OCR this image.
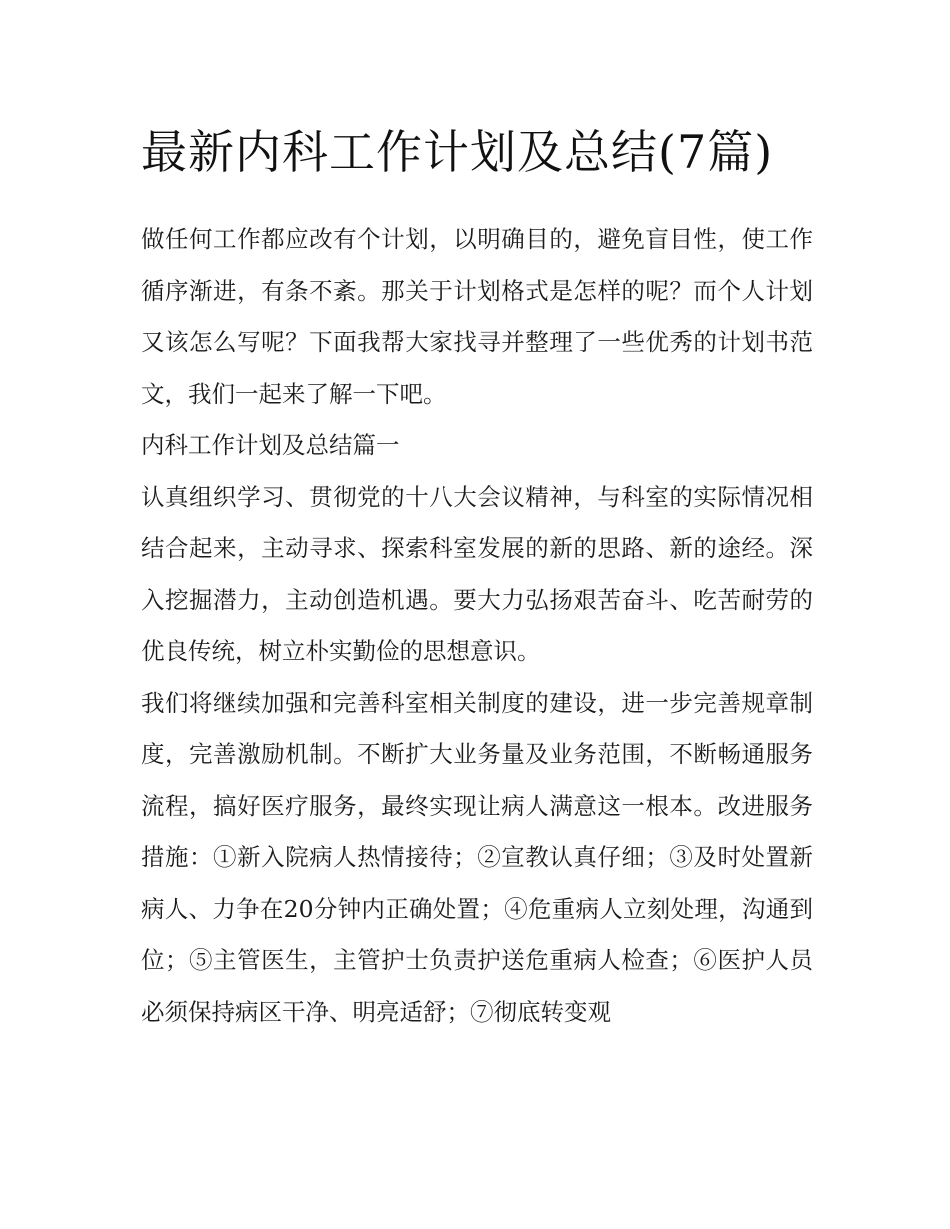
最新内科工作计划及总结(7篇)

做任何工作都应改有个计划，以明确目的，避免盲目性，使工作循序渐进，有条不紊。那关于计划格式是怎样的呢？而个人计划又该怎么写呢？下面我帮大家找寻并整理了一些优秀的计划书范文，我们一起来了解一下吧。

内科工作计划及总结篇一

认真组织学习、贯彻党的十八大会议精神，与科室的实际情况相结合起来，主动寻求、探索科室发展的新的思路、新的途经。深入挖掘潜力，主动创造机遇。要大力弘扬艰苦奋斗、吃苦耐劳的优良传统，树立朴实勤俭的思想意识。

我们将继续加强和完善科室相关制度的建设，进一步完善规章制度，完善激励机制。不断扩大业务量及业务范围，不断畅通服务流程，搞好医疗服务，最终实现让病人满意这一根本。改进服务措施：①新入院病人热情接待；②宣教认真仔细；③及时处置新病人、力争在20分钟内正确处置；④危重病人立刻处理，沟通到位；⑤主管医生，主管护士负责护送危重病人检查；⑥医护人员必须保持病区干净、明亮适舒；⑦彻底转变观
